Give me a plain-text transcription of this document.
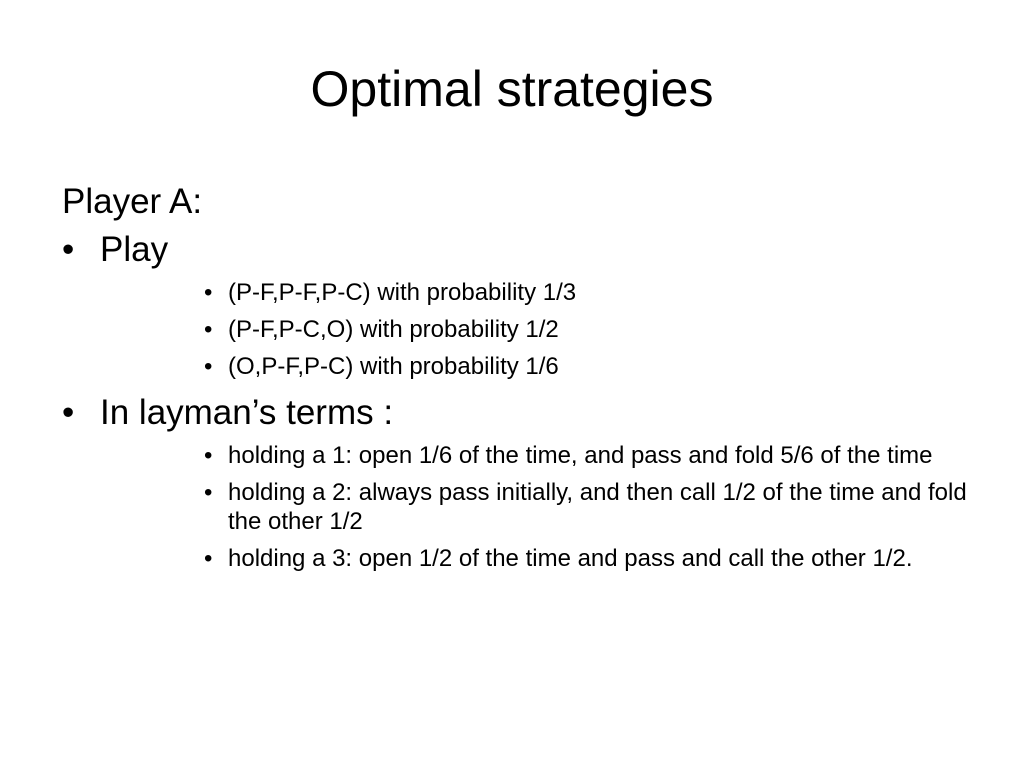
Optimal strategies

Player A:

• Play
• (P-F,P-F,P-C) with probability 1/3
• (P-F,P-C,O) with probability 1/2
• (O,P-F,P-C) with probability 1/6
• In layman’s terms :
• holding a 1: open 1/6 of the time, and pass and fold 5/6 of the time
• holding a 2: always pass initially, and then call 1/2 of the time and fold the other 1/2
• holding a 3: open 1/2 of the time and pass and call the other 1/2.
